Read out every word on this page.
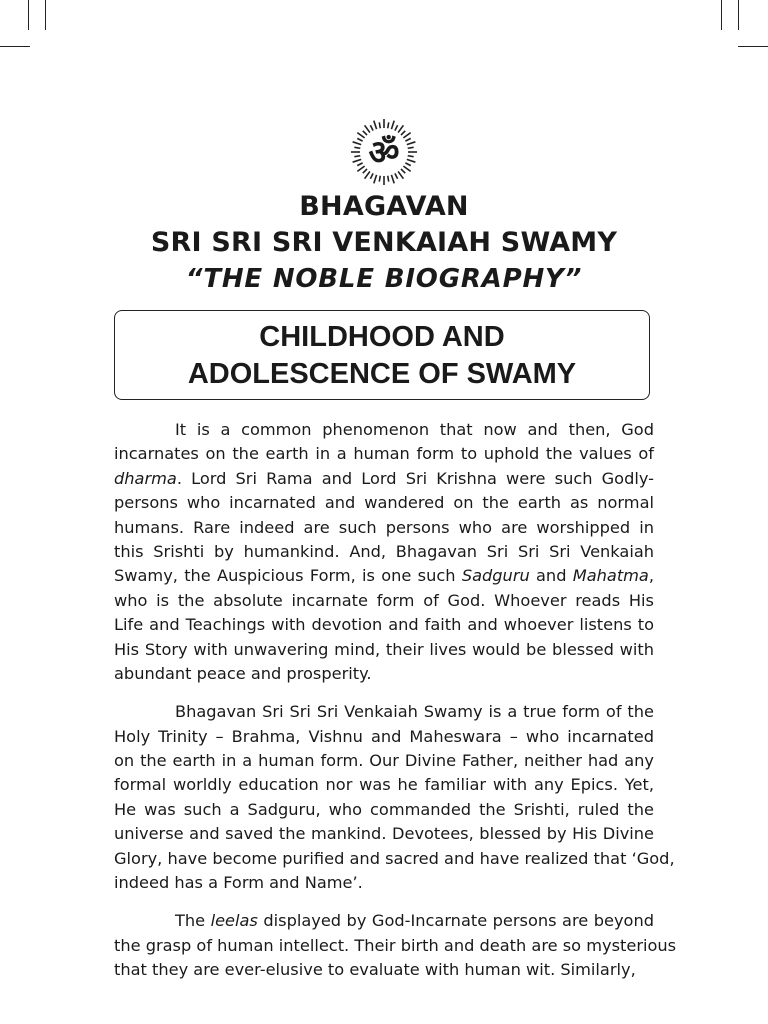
ॐ
BHAGAVAN
SRI SRI SRI VENKAIAH SWAMY
“THE NOBLE BIOGRAPHY”
CHILDHOOD AND
ADOLESCENCE OF SWAMY
It is a common phenomenon that now and then, God
incarnates on the earth in a human form to uphold the values of
dharma. Lord Sri Rama and Lord Sri Krishna were such Godly-
persons who incarnated and wandered on the earth as normal
humans. Rare indeed are such persons who are worshipped in
this Srishti by humankind. And, Bhagavan Sri Sri Sri Venkaiah
Swamy, the Auspicious Form, is one such Sadguru and Mahatma,
who is the absolute incarnate form of God. Whoever reads His
Life and Teachings with devotion and faith and whoever listens to
His Story with unwavering mind, their lives would be blessed with
abundant peace and prosperity.
Bhagavan Sri Sri Sri Venkaiah Swamy is a true form of the
Holy Trinity – Brahma, Vishnu and Maheswara – who incarnated
on the earth in a human form. Our Divine Father, neither had any
formal worldly education nor was he familiar with any Epics. Yet,
He was such a Sadguru, who commanded the Srishti, ruled the
universe and saved the mankind. Devotees, blessed by His Divine
Glory, have become purified and sacred and have realized that ‘God,
indeed has a Form and Name’.
The leelas displayed by God-Incarnate persons are beyond
the grasp of human intellect. Their birth and death are so mysterious
that they are ever-elusive to evaluate with human wit. Similarly,
